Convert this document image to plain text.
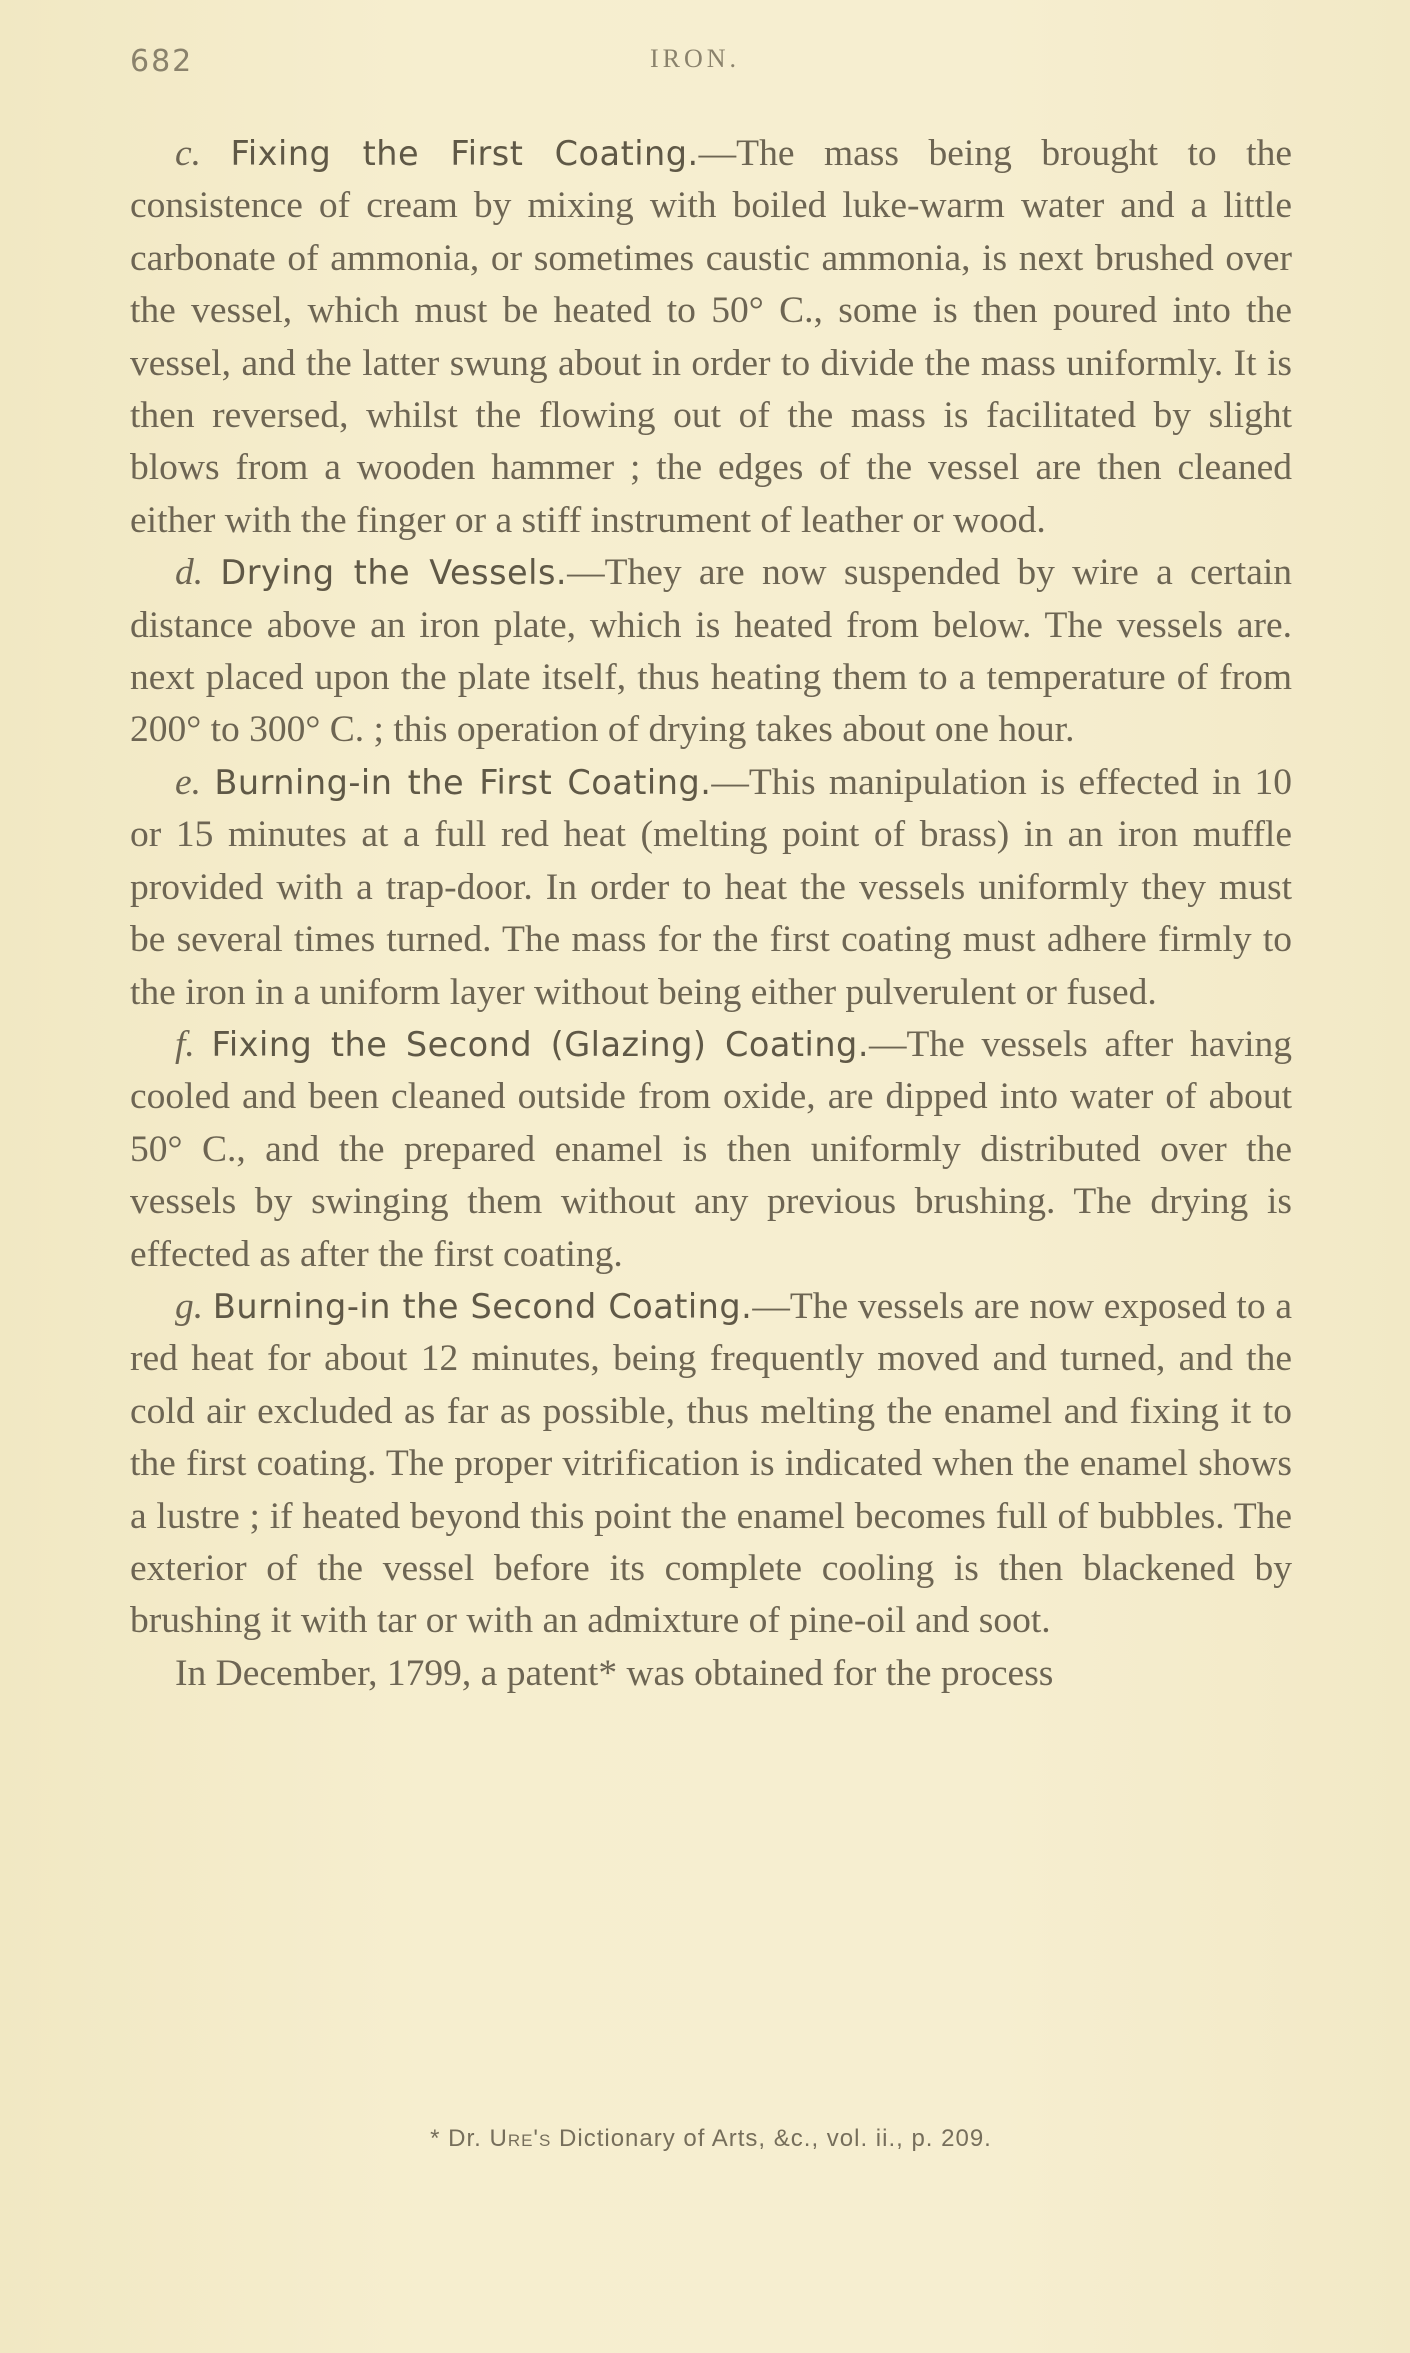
682	IRON.

c. Fixing the First Coating.—The mass being brought to the consistence of cream by mixing with boiled luke-warm water and a little carbonate of ammonia, or sometimes caustic ammonia, is next brushed over the vessel, which must be heated to 50° C., some is then poured into the vessel, and the latter swung about in order to divide the mass uniformly. It is then reversed, whilst the flowing out of the mass is facilitated by slight blows from a wooden hammer ; the edges of the vessel are then cleaned either with the finger or a stiff instrument of leather or wood.

d. Drying the Vessels.—They are now suspended by wire a certain distance above an iron plate, which is heated from below. The vessels are. next placed upon the plate itself, thus heating them to a temperature of from 200° to 300° C. ; this operation of drying takes about one hour.

e. Burning-in the First Coating.—This manipulation is effected in 10 or 15 minutes at a full red heat (melting point of brass) in an iron muffle provided with a trap-door. In order to heat the vessels uniformly they must be several times turned. The mass for the first coating must adhere firmly to the iron in a uniform layer without being either pulverulent or fused.

f. Fixing the Second (Glazing) Coating.—The vessels after having cooled and been cleaned outside from oxide, are dipped into water of about 50° C., and the prepared enamel is then uniformly distributed over the vessels by swinging them without any previous brushing. The drying is effected as after the first coating.

g. Burning-in the Second Coating.—The vessels are now exposed to a red heat for about 12 minutes, being frequently moved and turned, and the cold air excluded as far as possible, thus melting the enamel and fixing it to the first coating. The proper vitrification is indicated when the enamel shows a lustre ; if heated beyond this point the enamel becomes full of bubbles. The exterior of the vessel before its complete cooling is then blackened by brushing it with tar or with an admixture of pine-oil and soot.

In December, 1799, a patent* was obtained for the process

* Dr. Ure's Dictionary of Arts, &c., vol. ii., p. 209.
